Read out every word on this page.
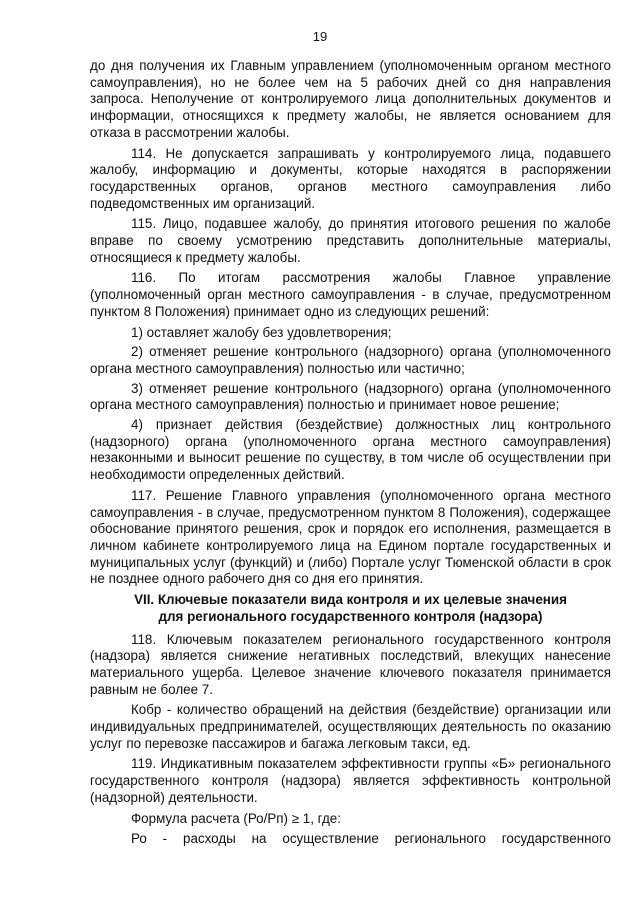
19

до дня получения их Главным управлением (уполномоченным органом местного самоуправления), но не более чем на 5 рабочих дней со дня направления запроса. Неполучение от контролируемого лица дополнительных документов и информации, относящихся к предмету жалобы, не является основанием для отказа в рассмотрении жалобы.

114. Не допускается запрашивать у контролируемого лица, подавшего жалобу, информацию и документы, которые находятся в распоряжении государственных органов, органов местного самоуправления либо подведомственных им организаций.

115. Лицо, подавшее жалобу, до принятия итогового решения по жалобе вправе по своему усмотрению представить дополнительные материалы, относящиеся к предмету жалобы.

116. По итогам рассмотрения жалобы Главное управление (уполномоченный орган местного самоуправления - в случае, предусмотренном пунктом 8 Положения) принимает одно из следующих решений:

1) оставляет жалобу без удовлетворения;

2) отменяет решение контрольного (надзорного) органа (уполномоченного органа местного самоуправления) полностью или частично;

3) отменяет решение контрольного (надзорного) органа (уполномоченного органа местного самоуправления) полностью и принимает новое решение;

4) признает действия (бездействие) должностных лиц контрольного (надзорного) органа (уполномоченного органа местного самоуправления) незаконными и выносит решение по существу, в том числе об осуществлении при необходимости определенных действий.

117. Решение Главного управления (уполномоченного органа местного самоуправления - в случае, предусмотренном пунктом 8 Положения), содержащее обоснование принятого решения, срок и порядок его исполнения, размещается в личном кабинете контролируемого лица на Едином портале государственных и муниципальных услуг (функций) и (либо) Портале услуг Тюменской области в срок не позднее одного рабочего дня со дня его принятия.

VII. Ключевые показатели вида контроля и их целевые значения
для регионального государственного контроля (надзора)

118. Ключевым показателем регионального государственного контроля (надзора) является снижение негативных последствий, влекущих нанесение материального ущерба. Целевое значение ключевого показателя принимается равным не более 7.

Кобр - количество обращений на действия (бездействие) организации или индивидуальных предпринимателей, осуществляющих деятельность по оказанию услуг по перевозке пассажиров и багажа легковым такси, ед.

119. Индикативным показателем эффективности группы «Б» регионального государственного контроля (надзора) является эффективность контрольной (надзорной) деятельности.

Формула расчета (Ро/Рп) ≥ 1, где:

Ро - расходы на осуществление регионального государственного
